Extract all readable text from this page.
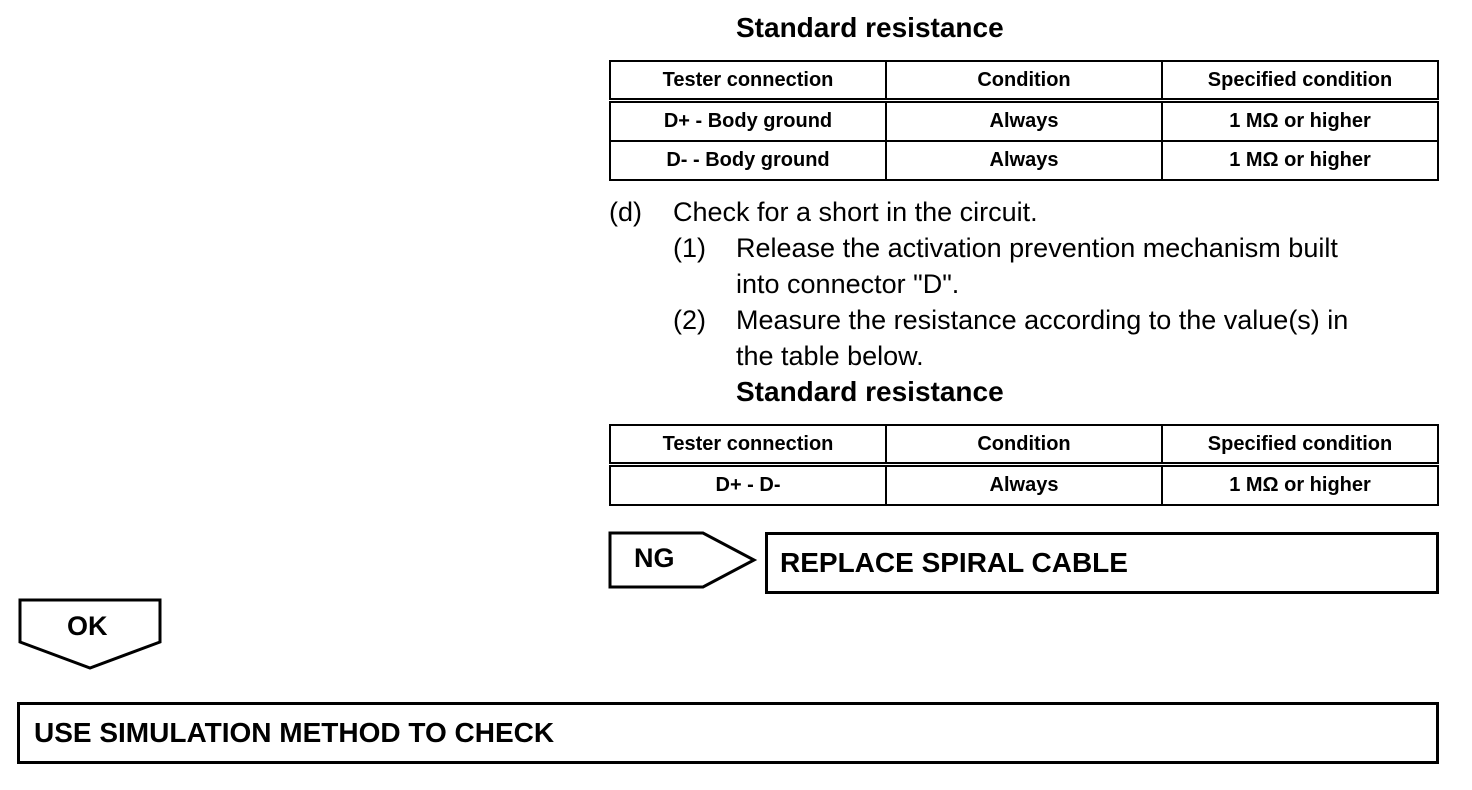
Standard resistance
Tester connection	Condition	Specified condition
D+ - Body ground	Always	1 MΩ or higher
D- - Body ground	Always	1 MΩ or higher
(d) Check for a short in the circuit.
(1) Release the activation prevention mechanism built
into connector "D".
(2) Measure the resistance according to the value(s) in
the table below.
Standard resistance
Tester connection	Condition	Specified condition
D+ - D-	Always	1 MΩ or higher
NG	REPLACE SPIRAL CABLE
OK
USE SIMULATION METHOD TO CHECK
